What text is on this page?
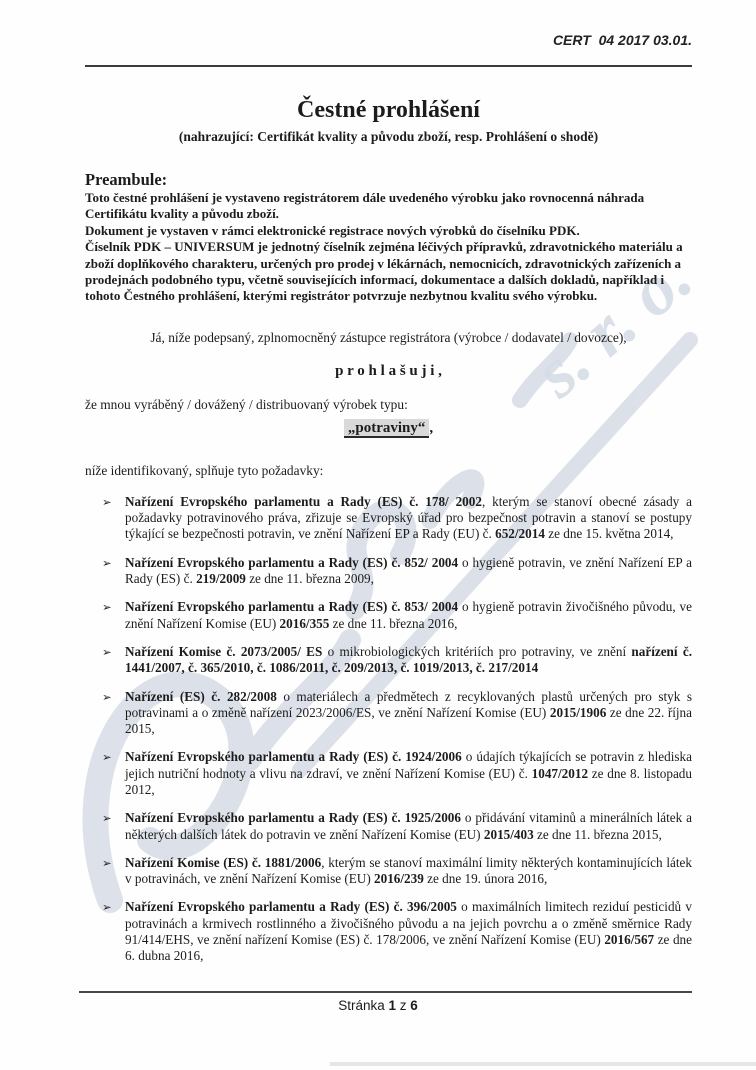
s. r. o.

CERT  04 2017 03.01.

Čestné prohlášení
(nahrazující: Certifikát kvality a původu zboží, resp. Prohlášení o shodě)
Preambule:

Toto čestné prohlášení je vystaveno registrátorem dále uvedeného výrobku jako rovnocenná náhrada Certifikátu kvality a původu zboží.

Dokument je vystaven v rámci elektronické registrace nových výrobků do číselníku PDK.

Číselník PDK – UNIVERSUM je jednotný číselník zejména léčivých přípravků, zdravotnického materiálu a zboží doplňkového charakteru, určených pro prodej v lékárnách, nemocnicích, zdravotnických zařízeních a prodejnách podobného typu, včetně souvisejících informací, dokumentace a dalších dokladů, například i tohoto Čestného prohlášení, kterými registrátor potvrzuje nezbytnou kvalitu svého výrobku.

Já, níže podepsaný, zplnomocněný zástupce registrátora (výrobce / dodavatel / dovozce),

p r o h l a š u j i ,

že mnou vyráběný / dovážený / distribuovaný výrobek typu:

„potraviny“ ,

níže identifikovaný, splňuje tyto požadavky:

➢	Nařízení Evropského parlamentu a Rady (ES) č. 178/ 2002, kterým se stanoví obecné zásady a požadavky potravinového práva, zřizuje se Evropský úřad pro bezpečnost potravin a stanoví se postupy týkající se bezpečnosti potravin, ve znění Nařízení EP a Rady (EU) č. 652/2014 ze dne 15. května 2014,
➢	Nařízení Evropského parlamentu a Rady (ES) č. 852/ 2004 o hygieně potravin, ve znění Nařízení EP a Rady (ES) č. 219/2009 ze dne 11. března 2009,
➢	Nařízení Evropského parlamentu a Rady (ES) č. 853/ 2004 o hygieně potravin živočišného původu, ve znění Nařízení Komise (EU) 2016/355 ze dne 11. března 2016,
➢	Nařízení Komise č. 2073/2005/ ES o mikrobiologických kritériích pro potraviny, ve znění nařízení č. 1441/2007, č. 365/2010, č. 1086/2011, č. 209/2013, č. 1019/2013, č. 217/2014
➢	Nařízení (ES) č. 282/2008 o materiálech a předmětech z recyklovaných plastů určených pro styk s potravinami a o změně nařízení 2023/2006/ES, ve znění Nařízení Komise (EU) 2015/1906 ze dne 22. října 2015,
➢	Nařízení Evropského parlamentu a Rady (ES) č. 1924/2006 o údajích týkajících se potravin z hlediska jejich nutriční hodnoty a vlivu na zdraví, ve znění Nařízení Komise (EU) č. 1047/2012 ze dne 8. listopadu 2012,
➢	Nařízení Evropského parlamentu a Rady (ES) č. 1925/2006 o přidávání vitaminů a minerálních látek a některých dalších látek do potravin ve znění Nařízení Komise (EU) 2015/403 ze dne 11. března 2015,
➢	Nařízení Komise (ES) č. 1881/2006, kterým se stanoví maximální limity některých kontaminujících látek v potravinách, ve znění Nařízení Komise (EU) 2016/239 ze dne 19. února 2016,
➢	Nařízení Evropského parlamentu a Rady (ES) č. 396/2005 o maximálních limitech reziduí pesticidů v potravinách a krmivech rostlinného a živočišného původu a na jejich povrchu a o změně směrnice Rady 91/414/EHS, ve znění nařízení Komise (ES) č. 178/2006, ve znění Nařízení Komise (EU) 2016/567 ze dne 6. dubna 2016,
Stránka 1 z 6
